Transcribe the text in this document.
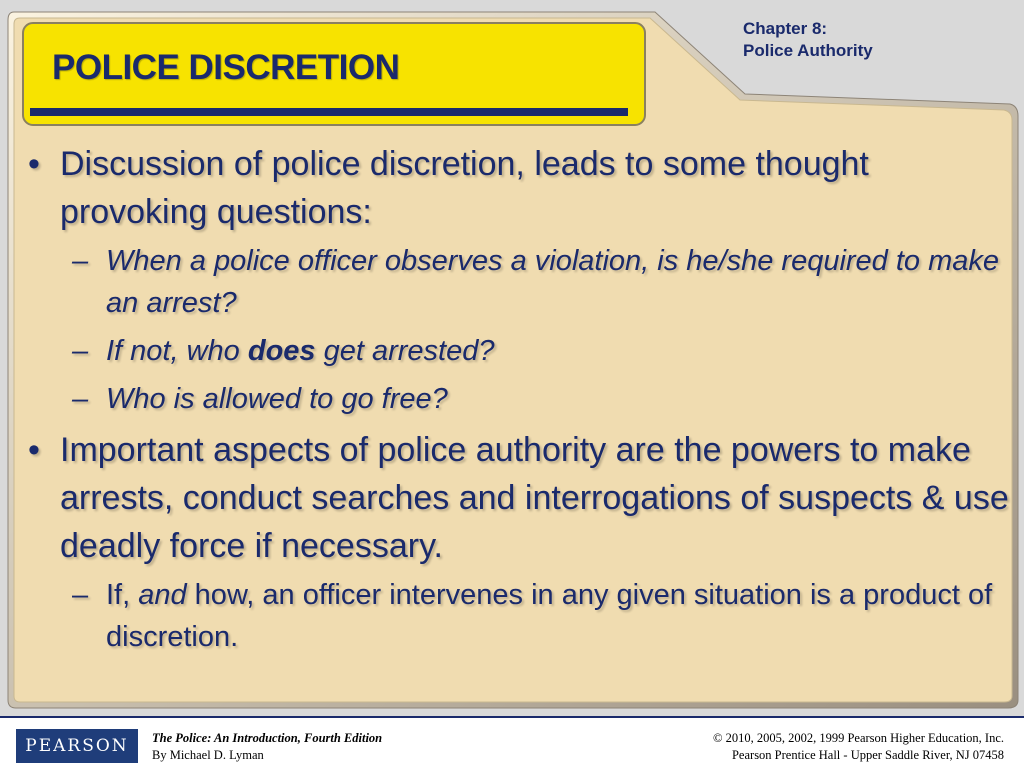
POLICE DISCRETION
Chapter 8:
Police Authority
• Discussion of police discretion, leads to some thought provoking questions:
– When a police officer observes a violation, is he/she required to make an arrest?
– If not, who does get arrested?
– Who is allowed to go free?
• Important aspects of police authority are the powers to make arrests, conduct searches and interrogations of suspects & use deadly force if necessary.
– If, and how, an officer intervenes in any given situation is a product of discretion.
PEARSON	The Police: An Introduction, Fourth Edition
By Michael D. Lyman
© 2010, 2005, 2002, 1999 Pearson Higher Education, Inc.
Pearson Prentice Hall - Upper Saddle River, NJ 07458
